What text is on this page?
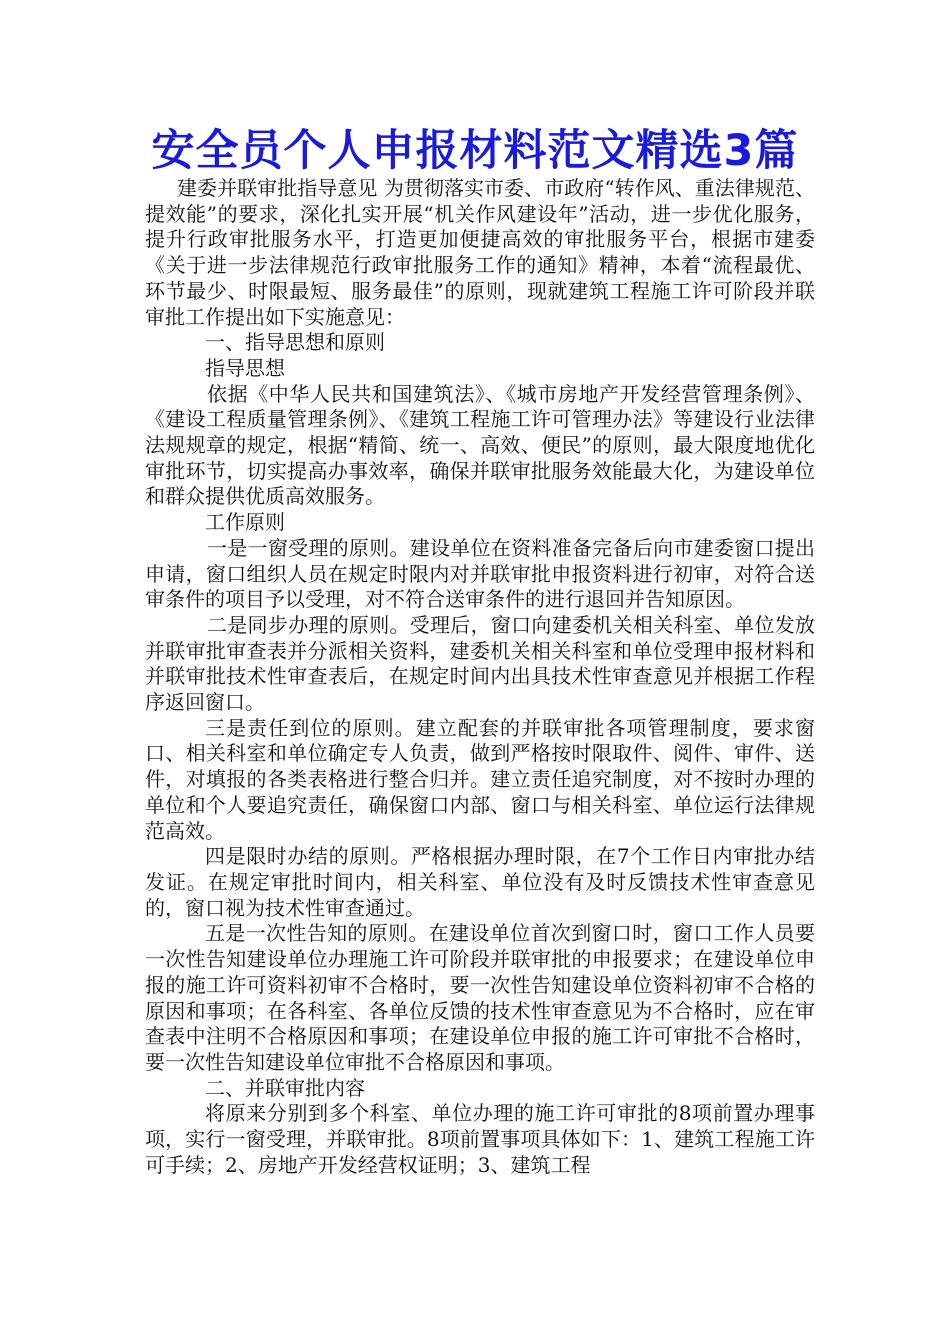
安全员个人申报材料范文精选3篇

建委并联审批指导意见 为贯彻落实市委、市政府“转作风、重法律规范、提效能”的要求，深化扎实开展“机关作风建设年”活动，进一步优化服务，提升行政审批服务水平，打造更加便捷高效的审批服务平台，根据市建委《关于进一步法律规范行政审批服务工作的通知》精神，本着“流程最优、环节最少、时限最短、服务最佳”的原则，现就建筑工程施工许可阶段并联审批工作提出如下实施意见：

一、指导思想和原则

指导思想

依据《中华人民共和国建筑法》、《城市房地产开发经营管理条例》、《建设工程质量管理条例》、《建筑工程施工许可管理办法》等建设行业法律法规规章的规定，根据“精简、统一、高效、便民”的原则，最大限度地优化审批环节，切实提高办事效率，确保并联审批服务效能最大化，为建设单位和群众提供优质高效服务。

工作原则

一是一窗受理的原则。建设单位在资料准备完备后向市建委窗口提出申请，窗口组织人员在规定时限内对并联审批申报资料进行初审，对符合送审条件的项目予以受理，对不符合送审条件的进行退回并告知原因。

二是同步办理的原则。受理后，窗口向建委机关相关科室、单位发放并联审批审查表并分派相关资料，建委机关相关科室和单位受理申报材料和并联审批技术性审查表后，在规定时间内出具技术性审查意见并根据工作程序返回窗口。

三是责任到位的原则。建立配套的并联审批各项管理制度，要求窗口、相关科室和单位确定专人负责，做到严格按时限取件、阅件、审件、送件，对填报的各类表格进行整合归并。建立责任追究制度，对不按时办理的单位和个人要追究责任，确保窗口内部、窗口与相关科室、单位运行法律规范高效。

四是限时办结的原则。严格根据办理时限，在7个工作日内审批办结发证。在规定审批时间内，相关科室、单位没有及时反馈技术性审查意见的，窗口视为技术性审查通过。

五是一次性告知的原则。在建设单位首次到窗口时，窗口工作人员要一次性告知建设单位办理施工许可阶段并联审批的申报要求；在建设单位申报的施工许可资料初审不合格时，要一次性告知建设单位资料初审不合格的原因和事项；在各科室、各单位反馈的技术性审查意见为不合格时，应在审查表中注明不合格原因和事项；在建设单位申报的施工许可审批不合格时，要一次性告知建设单位审批不合格原因和事项。

二、并联审批内容

将原来分别到多个科室、单位办理的施工许可审批的8项前置办理事项，实行一窗受理，并联审批。8项前置事项具体如下：1、建筑工程施工许可手续；2、房地产开发经营权证明；3、建筑工程
